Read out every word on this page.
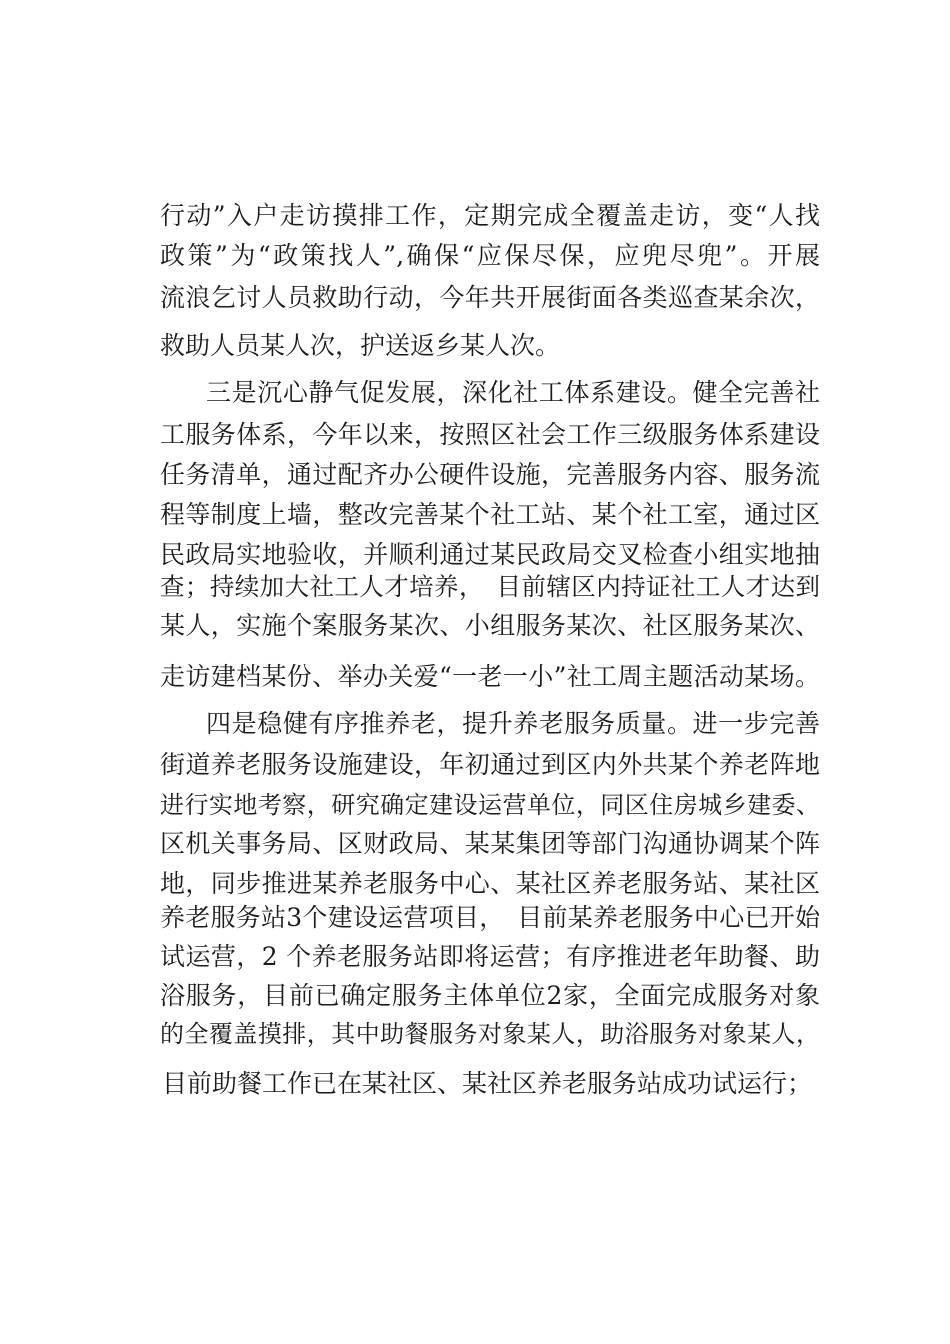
行动”入户走访摸排工作，定期完成全覆盖走访，变“人找
政策”为“政策找人”,确保“应保尽保，应兜尽兜”。开展
流浪乞讨人员救助行动，今年共开展街面各类巡查某余次，
救助人员某人次，护送返乡某人次。
三是沉心静气促发展，深化社工体系建设。健全完善社
工服务体系，今年以来，按照区社会工作三级服务体系建设
任务清单，通过配齐办公硬件设施，完善服务内容、服务流
程等制度上墙，整改完善某个社工站、某个社工室，通过区
民政局实地验收，并顺利通过某民政局交叉检查小组实地抽
查；持续加大社工人才培养，　目前辖区内持证社工人才达到
某人，实施个案服务某次、小组服务某次、社区服务某次、
走访建档某份、举办关爱“一老一小”社工周主题活动某场。
四是稳健有序推养老，提升养老服务质量。进一步完善
街道养老服务设施建设，年初通过到区内外共某个养老阵地
进行实地考察，研究确定建设运营单位，同区住房城乡建委、
区机关事务局、区财政局、某某集团等部门沟通协调某个阵
地，同步推进某养老服务中心、某社区养老服务站、某社区
养老服务站3个建设运营项目，　目前某养老服务中心已开始
试运营，2 个养老服务站即将运营；有序推进老年助餐、助
浴服务，目前已确定服务主体单位2家，全面完成服务对象
的全覆盖摸排，其中助餐服务对象某人，助浴服务对象某人，
目前助餐工作已在某社区、某社区养老服务站成功试运行；
